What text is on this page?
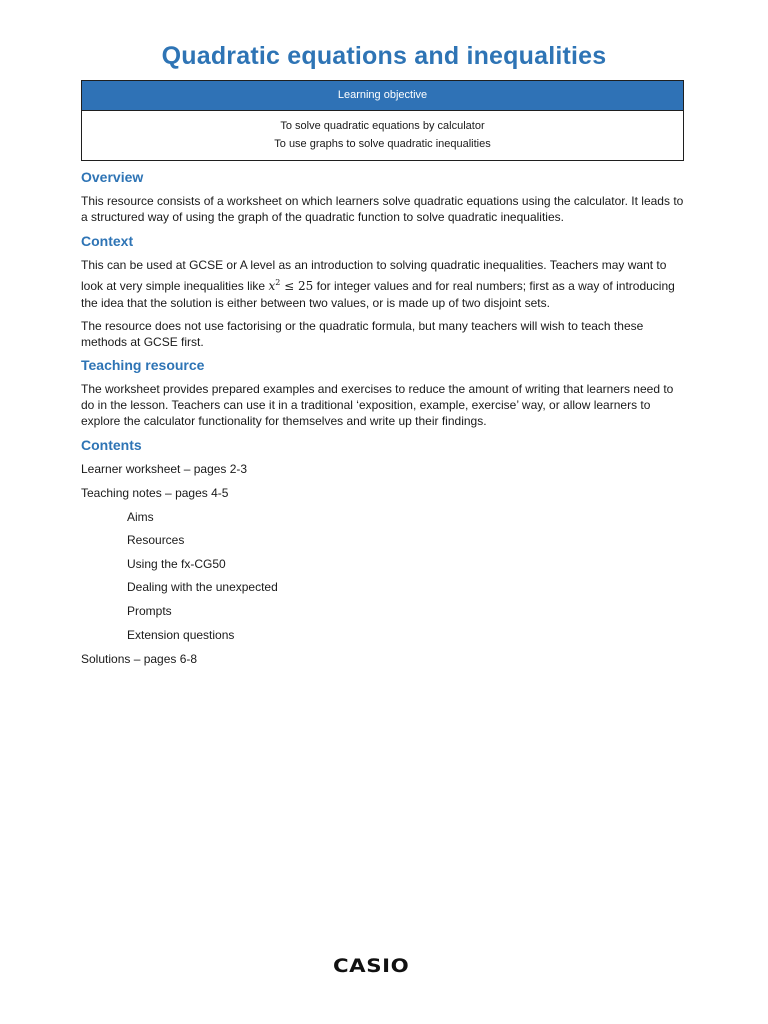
Quadratic equations and inequalities
Learning objective
To solve quadratic equations by calculator
To use graphs to solve quadratic inequalities
Overview
This resource consists of a worksheet on which learners solve quadratic equations using the calculator. It leads to a structured way of using the graph of the quadratic function to solve quadratic inequalities.
Context
This can be used at GCSE or A level as an introduction to solving quadratic inequalities. Teachers may want to look at very simple inequalities like $x^2 \le 25$ for integer values and for real numbers; first as a way of introducing the idea that the solution is either between two values, or is made up of two disjoint sets.
The resource does not use factorising or the quadratic formula, but many teachers will wish to teach these methods at GCSE first.
Teaching resource
The worksheet provides prepared examples and exercises to reduce the amount of writing that learners need to do in the lesson. Teachers can use it in a traditional ‘exposition, example, exercise’ way, or allow learners to explore the calculator functionality for themselves and write up their findings.
Contents
Learner worksheet – pages 2-3
Teaching notes – pages 4-5
Aims
Resources
Using the fx-CG50
Dealing with the unexpected
Prompts
Extension questions
Solutions – pages 6-8
CASIO
